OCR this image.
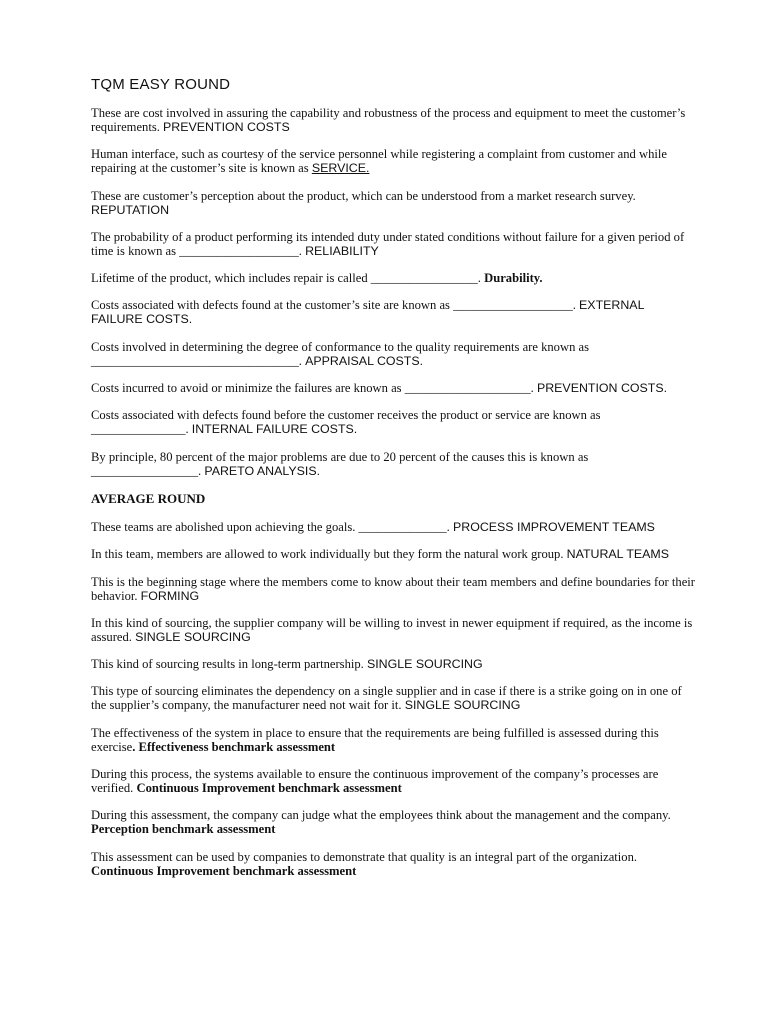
TQM EASY ROUND

These are cost involved in assuring the capability and robustness of the process and equipment to meet the customer’s requirements. PREVENTION COSTS

Human interface, such as courtesy of the service personnel while registering a complaint from customer and while repairing at the customer’s site is known as SERVICE.

These are customer’s perception about the product, which can be understood from a market research survey. REPUTATION

The probability of a product performing its intended duty under stated conditions without failure for a given period of time is known as ___________________. RELIABILITY

Lifetime of the product, which includes repair is called _________________. Durability.

Costs associated with defects found at the customer’s site are known as ___________________. EXTERNAL FAILURE COSTS.

Costs involved in determining the degree of conformance to the quality requirements are known as _________________________________. APPRAISAL COSTS.

Costs incurred to avoid or minimize the failures are known as ____________________. PREVENTION COSTS.

Costs associated with defects found before the customer receives the product or service are known as _______________. INTERNAL FAILURE COSTS.

By principle, 80 percent of the major problems are due to 20 percent of the causes this is known as _________________. PARETO ANALYSIS.

AVERAGE ROUND

These teams are abolished upon achieving the goals. ______________. PROCESS IMPROVEMENT TEAMS

In this team, members are allowed to work individually but they form the natural work group. NATURAL TEAMS

This is the beginning stage where the members come to know about their team members and define boundaries for their behavior. FORMING

In this kind of sourcing, the supplier company will be willing to invest in newer equipment if required, as the income is assured. SINGLE SOURCING

This kind of sourcing results in long-term partnership. SINGLE SOURCING

This type of sourcing eliminates the dependency on a single supplier and in case if there is a strike going on in one of the supplier’s company, the manufacturer need not wait for it. SINGLE SOURCING

The effectiveness of the system in place to ensure that the requirements are being fulfilled is assessed during this exercise. Effectiveness benchmark assessment

During this process, the systems available to ensure the continuous improvement of the company’s processes are verified. Continuous Improvement benchmark assessment

During this assessment, the company can judge what the employees think about the management and the company. Perception benchmark assessment

This assessment can be used by companies to demonstrate that quality is an integral part of the organization. Continuous Improvement benchmark assessment
